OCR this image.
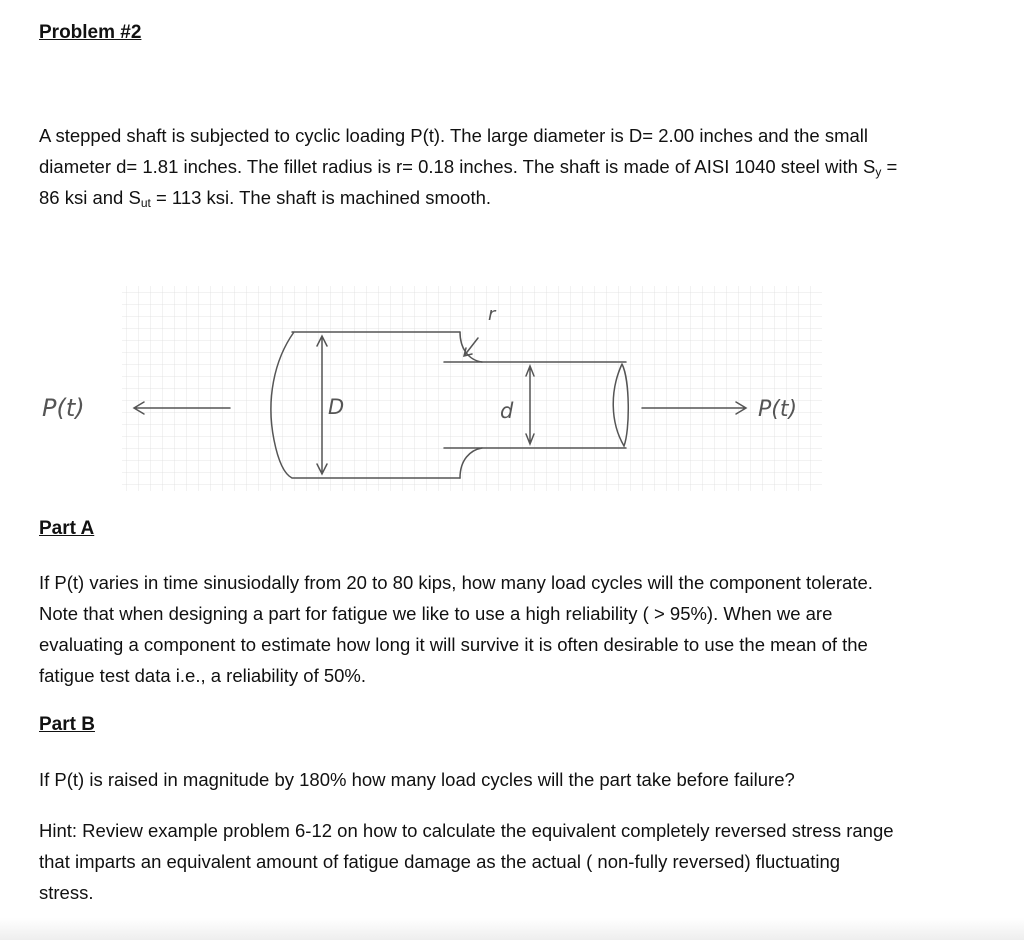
Problem #2
A stepped shaft is subjected to cyclic loading P(t). The large diameter is D= 2.00 inches and the small
diameter d= 1.81 inches. The fillet radius is r= 0.18 inches. The shaft is made of AISI 1040 steel with $S_y$ =
86 ksi and $S_{ut} = 113$ ksi. The shaft is machined smooth.
P(t)	P(t)
D	d
r
Part A
If P(t) varies in time sinusiodally from 20 to 80 kips, how many load cycles will the component tolerate.
Note that when designing a part for fatigue we like to use a high reliability ( > 95%). When we are
evaluating a component to estimate how long it will survive it is often desirable to use the mean of the
fatigue test data i.e., a reliability of 50%.
Part B
If P(t) is raised in magnitude by 180% how many load cycles will the part take before failure?
Hint: Review example problem 6-12 on how to calculate the equivalent completely reversed stress range
that imparts an equivalent amount of fatigue damage as the actual ( non-fully reversed) fluctuating
stress.
